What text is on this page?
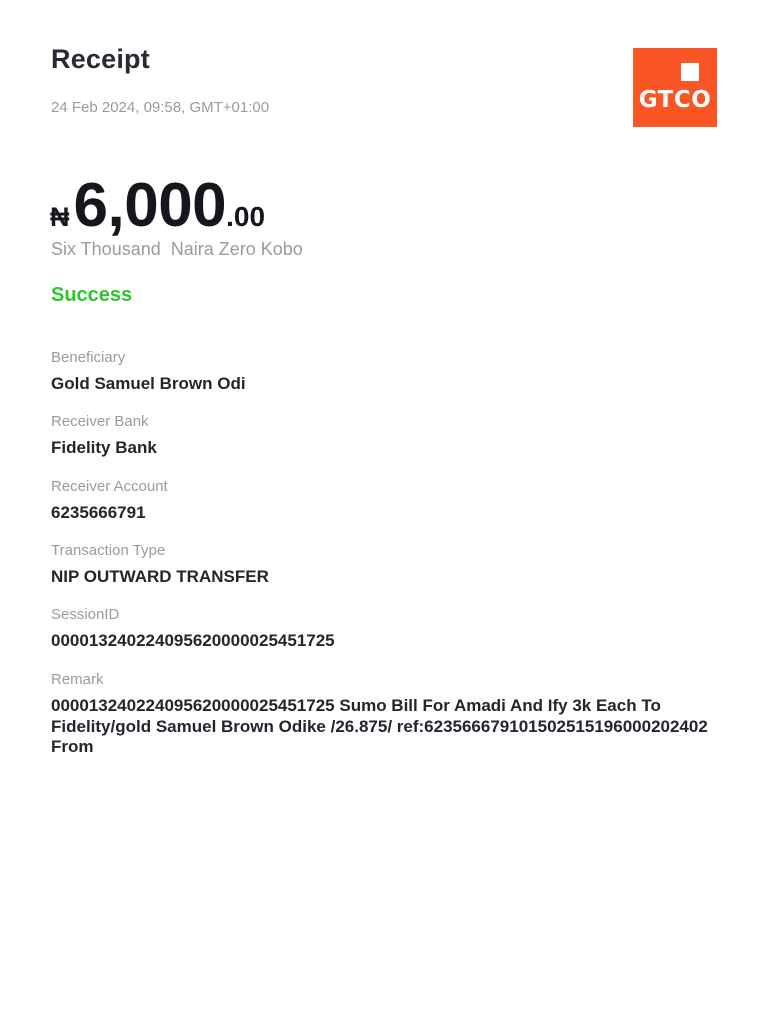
Receipt
24 Feb 2024, 09:58, GMT+01:00	GTCO
₦6,000.00
Six Thousand  Naira Zero Kobo
Success
Beneficiary
Gold Samuel Brown Odi
Receiver Bank
Fidelity Bank
Receiver Account
6235666791
Transaction Type
NIP OUTWARD TRANSFER
SessionID
000013240224095620000025451725
Remark
000013240224095620000025451725 Sumo Bill For Amadi And Ify 3k Each To Fidelity/gold Samuel Brown Odike /26.875/ ref:6235666791015025151960002024​02 From
